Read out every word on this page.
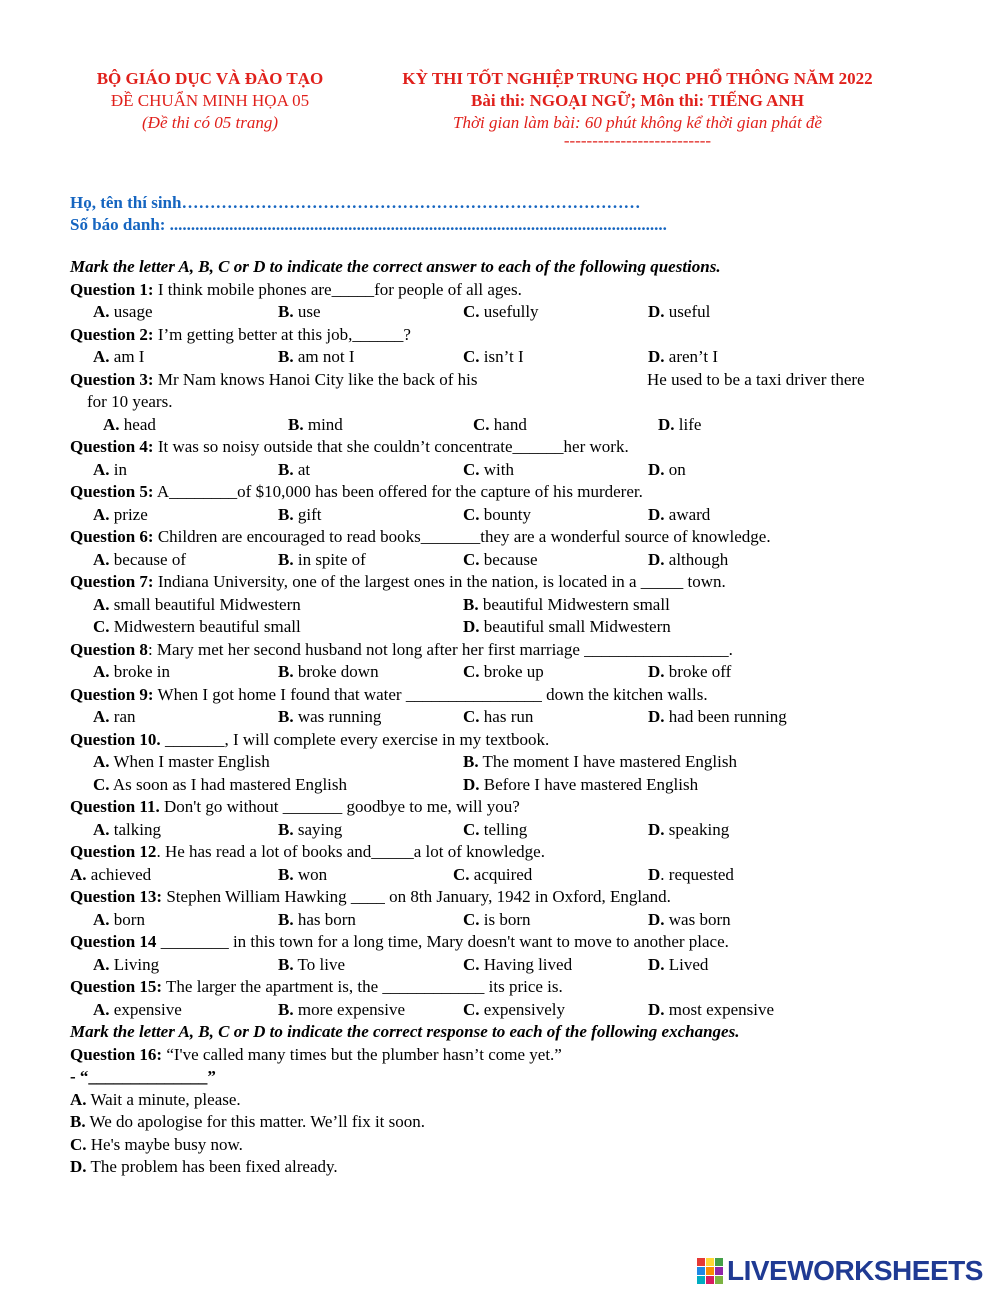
BỘ GIÁO DỤC VÀ ĐÀO TẠO
ĐỀ CHUẨN MINH HỌA 05
(Đề thi có 05 trang)
KỲ THI TỐT NGHIỆP TRUNG HỌC PHỔ THÔNG NĂM 2022
Bài thi: NGOẠI NGỮ; Môn thi: TIẾNG ANH
Thời gian làm bài: 60 phút không kể thời gian phát đề
--------------------------
Họ, tên thí sinh………………………………………………………………………
Số báo danh: .....................................................................................................................
Mark the letter A, B, C or D to indicate the correct answer to each of the following questions.
Question 1: I think mobile phones are_____for people of all ages.
A. usage	B. use	C. usefully	D. useful
Question 2: I’m getting better at this job,______?
A. am I	B. am not I	C. isn’t I	D. aren’t I
Question 3: Mr Nam knows Hanoi City like the back of his	He used to be a taxi driver there
for 10 years.
A. head	B. mind	C. hand	D. life
Question 4: It was so noisy outside that she couldn’t concentrate______her work.
A. in	B. at	C. with	D. on
Question 5: A________of $10,000 has been offered for the capture of his murderer.
A. prize	B. gift	C. bounty	D. award
Question 6: Children are encouraged to read books_______they are a wonderful source of knowledge.
A. because of	B. in spite of	C. because	D. although
Question 7: Indiana University, one of the largest ones in the nation, is located in a _____ town.
A. small beautiful Midwestern	B. beautiful Midwestern small
C. Midwestern beautiful small	D. beautiful small Midwestern
Question 8: Mary met her second husband not long after her first marriage _________________.
A. broke in	B. broke down	C. broke up	D. broke off
Question 9: When I got home I found that water ________________ down the kitchen walls.
A. ran	B. was running	C. has run	D. had been running
Question 10. _______, I will complete every exercise in my textbook.
A. When I master English	B. The moment I have mastered English
C. As soon as I had mastered English	D. Before I have mastered English
Question 11. Don't go without _______ goodbye to me, will you?
A. talking	B. saying	C. telling	D. speaking
Question 12. He has read a lot of books and_____a lot of knowledge.
A. achieved	B. won	C. acquired	D. requested
Question 13: Stephen William Hawking ____ on 8th January, 1942 in Oxford, England.
A. born	B. has born	C. is born	D. was born
Question 14 ________ in this town for a long time, Mary doesn't want to move to another place.
A. Living	B. To live	C. Having lived	D. Lived
Question 15: The larger the apartment is, the ____________ its price is.
A. expensive	B. more expensive	C. expensively	D. most expensive
Mark the letter A, B, C or D to indicate the correct response to each of the following exchanges.
Question 16: “I've called many times but the plumber hasn’t come yet.”
- “______________”
A. Wait a minute, please.
B. We do apologise for this matter. We’ll fix it soon.
C. He's maybe busy now.
D. The problem has been fixed already.
LIVEWORKSHEETS
